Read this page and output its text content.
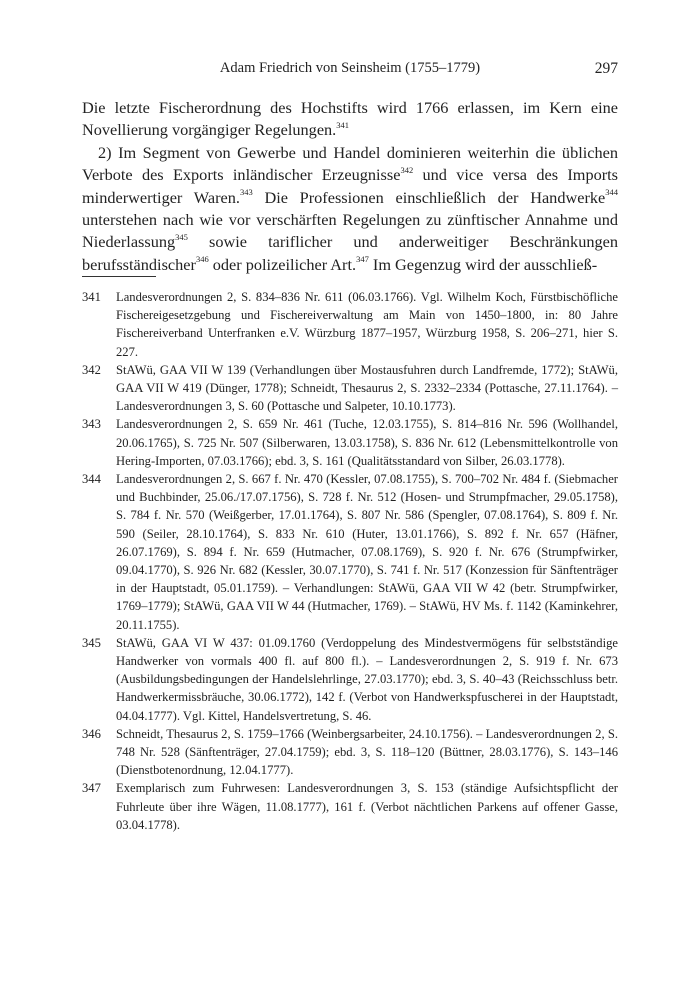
Adam Friedrich von Seinsheim (1755–1779)	297

Die letzte Fischerordnung des Hochstifts wird 1766 erlassen, im Kern eine Novellierung vorgängiger Regelungen.$^{341}$

2) Im Segment von Gewerbe und Handel dominieren weiterhin die üblichen Verbote des Exports inländischer Erzeugnisse$^{342}$ und vice versa des Imports minderwertiger Waren.$^{343}$ Die Professionen einschließlich der Handwerke$^{344}$ unterstehen nach wie vor verschärften Regelungen zu zünftischer Annahme und Niederlassung$^{345}$ sowie tariflicher und anderweitiger Beschränkungen berufsständischer$^{346}$ oder polizeilicher Art.$^{347}$ Im Gegenzug wird der ausschließ-

341	Landesverordnungen 2, S. 834–836 Nr. 611 (06.03.1766). Vgl. Wilhelm Koch, Fürstbischöfliche Fischereigesetzgebung und Fischereiverwaltung am Main von 1450–1800, in: 80 Jahre Fischereiverband Unterfranken e.V. Würzburg 1877–1957, Würzburg 1958, S. 206–271, hier S. 227.
342	StAWü, GAA VII W 139 (Verhandlungen über Mostausfuhren durch Landfremde, 1772); StAWü, GAA VII W 419 (Dünger, 1778); Schneidt, Thesaurus 2, S. 2332–2334 (Pottasche, 27.11.1764). – Landesverordnungen 3, S. 60 (Pottasche und Salpeter, 10.10.1773).
343	Landesverordnungen 2, S. 659 Nr. 461 (Tuche, 12.03.1755), S. 814–816 Nr. 596 (Wollhandel, 20.06.1765), S. 725 Nr. 507 (Silberwaren, 13.03.1758), S. 836 Nr. 612 (Lebensmittelkontrolle von Hering-Importen, 07.03.1766); ebd. 3, S. 161 (Qualitätsstandard von Silber, 26.03.1778).
344	Landesverordnungen 2, S. 667 f. Nr. 470 (Kessler, 07.08.1755), S. 700–702 Nr. 484 f. (Siebmacher und Buchbinder, 25.06./17.07.1756), S. 728 f. Nr. 512 (Hosen- und Strumpfmacher, 29.05.1758), S. 784 f. Nr. 570 (Weißgerber, 17.01.1764), S. 807 Nr. 586 (Spengler, 07.08.1764), S. 809 f. Nr. 590 (Seiler, 28.10.1764), S. 833 Nr. 610 (Huter, 13.01.1766), S. 892 f. Nr. 657 (Häfner, 26.07.1769), S. 894 f. Nr. 659 (Hutmacher, 07.08.1769), S. 920 f. Nr. 676 (Strumpfwirker, 09.04.1770), S. 926 Nr. 682 (Kessler, 30.07.1770), S. 741 f. Nr. 517 (Konzession für Sänftenträger in der Hauptstadt, 05.01.1759). – Verhandlungen: StAWü, GAA VII W 42 (betr. Strumpfwirker, 1769–1779); StAWü, GAA VII W 44 (Hutmacher, 1769). – StAWü, HV Ms. f. 1142 (Kaminkehrer, 20.11.1755).
345	StAWü, GAA VI W 437: 01.09.1760 (Verdoppelung des Mindestvermögens für selbstständige Handwerker von vormals 400 fl. auf 800 fl.). – Landesverordnungen 2, S. 919 f. Nr. 673 (Ausbildungsbedingungen der Handelslehrlinge, 27.03.1770); ebd. 3, S. 40–43 (Reichsschluss betr. Handwerkermissbräuche, 30.06.1772), 142 f. (Verbot von Handwerkspfuscherei in der Hauptstadt, 04.04.1777). Vgl. Kittel, Handelsvertretung, S. 46.
346	Schneidt, Thesaurus 2, S. 1759–1766 (Weinbergsarbeiter, 24.10.1756). – Landesverordnungen 2, S. 748 Nr. 528 (Sänftenträger, 27.04.1759); ebd. 3, S. 118–120 (Büttner, 28.03.1776), S. 143–146 (Dienstbotenordnung, 12.04.1777).
347	Exemplarisch zum Fuhrwesen: Landesverordnungen 3, S. 153 (ständige Aufsichtspflicht der Fuhrleute über ihre Wägen, 11.08.1777), 161 f. (Verbot nächtlichen Parkens auf offener Gasse, 03.04.1778).
